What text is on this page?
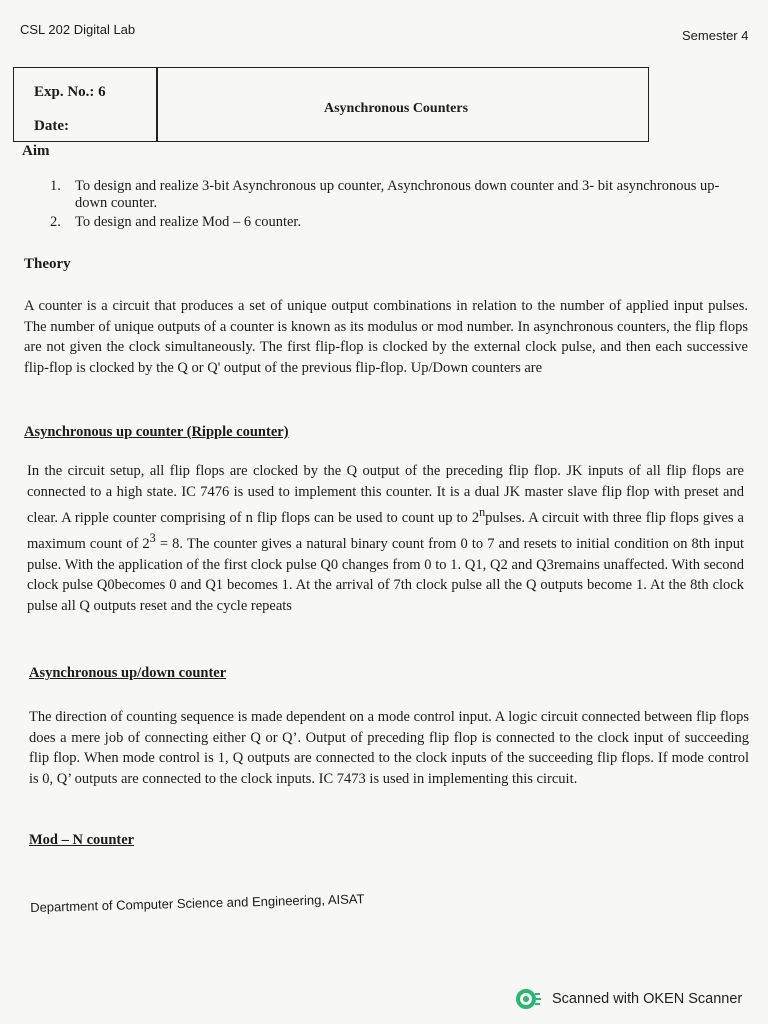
CSL 202 Digital Lab	Semester 4
Exp. No.: 6
Date:
Asynchronous Counters
Aim
1. To design and realize 3-bit Asynchronous up counter, Asynchronous down counter and 3- bit asynchronous up-down counter.
2. To design and realize Mod – 6 counter.
Theory

A counter is a circuit that produces a set of unique output combinations in relation to the number of applied input pulses. The number of unique outputs of a counter is known as its modulus or mod number. In asynchronous counters, the flip flops are not given the clock simultaneously. The first flip-flop is clocked by the external clock pulse, and then each successive flip-flop is clocked by the Q or Q' output of the previous flip-flop. Up/Down counters are

Asynchronous up counter (Ripple counter)

In the circuit setup, all flip flops are clocked by the Q output of the preceding flip flop. JK inputs of all flip flops are connected to a high state. IC 7476 is used to implement this counter. It is a dual JK master slave flip flop with preset and clear. A ripple counter comprising of n flip flops can be used to count up to 2$^n$pulses. A circuit with three flip flops gives a maximum count of $2^3 = 8$. The counter gives a natural binary count from 0 to 7 and resets to initial condition on 8th input pulse. With the application of the first clock pulse Q0 changes from 0 to 1. Q1, Q2 and Q3remains unaffected. With second clock pulse Q0becomes 0 and Q1 becomes 1. At the arrival of 7th clock pulse all the Q outputs become 1. At the 8th clock pulse all Q outputs reset and the cycle repeats

Asynchronous up/down counter

The direction of counting sequence is made dependent on a mode control input. A logic circuit connected between flip flops does a mere job of connecting either Q or Q’. Output of preceding flip flop is connected to the clock input of succeeding flip flop. When mode control is 1, Q outputs are connected to the clock inputs of the succeeding flip flops. If mode control is 0, Q’ outputs are connected to the clock inputs. IC 7473 is used in implementing this circuit.

Mod – N counter
Department of Computer Science and Engineering, AISAT
Scanned with OKEN Scanner
